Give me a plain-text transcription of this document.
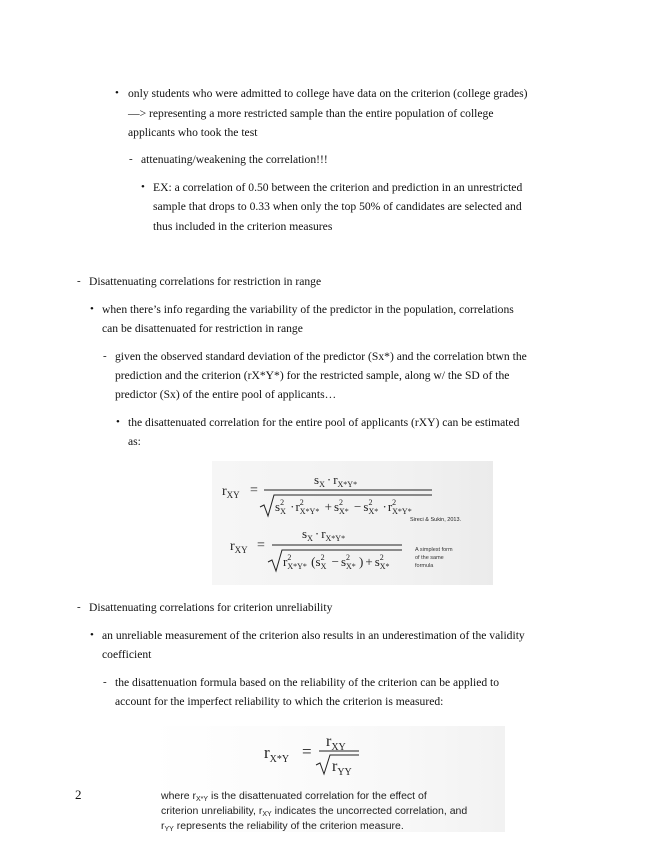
• only students who were admitted to college have data on the criterion (college grades)
—> representing a more restricted sample than the entire population of college
applicants who took the test
- attenuating/weakening the correlation!!!
• EX: a correlation of 0.50 between the criterion and prediction in an unrestricted
sample that drops to 0.33 when only the top 50% of candidates are selected and
thus included in the criterion measures
- Disattenuating correlations for restriction in range
• when there’s info regarding the variability of the predictor in the population, correlations
can be disattenuated for restriction in range
- given the observed standard deviation of the predictor (Sx*) and the correlation btwn the
prediction and the criterion (rX*Y*) for the restricted sample, along w/ the SD of the
predictor (Sx) of the entire pool of applicants…
• the disattenuated correlation for the entire pool of applicants (rXY) can be estimated
as:
$r_{XY}$ =
$s_X \cdot r_{X*Y*}$
$s^2$ $X \cdot r^2$ $X*Y* + s^2$ $X* - s^2$ $X* \cdot r^2$ X*Y*
Sireci & Sukin, 2013.
$r_{XY}$ =
$s_X \cdot r_{X*Y*}$
$r^2$ X*Y* ($s^2$ $X - s^2$ X* ) + $s^2$ X*
A simplest form
of the same
formula
- Disattenuating correlations for criterion unreliability
• an unreliable measurement of the criterion also results in an underestimation of the validity
coefficient
- the disattenuation formula based on the reliability of the criterion can be applied to
account for the imperfect reliability to which the criterion is measured:
$r_{X*Y}$ =
$r_{XY}$
$r_{YY}$
where rX*Y is the disattenuated correlation for the effect of
criterion unreliability, rXY indicates the uncorrected correlation, and
rYY represents the reliability of the criterion measure.
2
